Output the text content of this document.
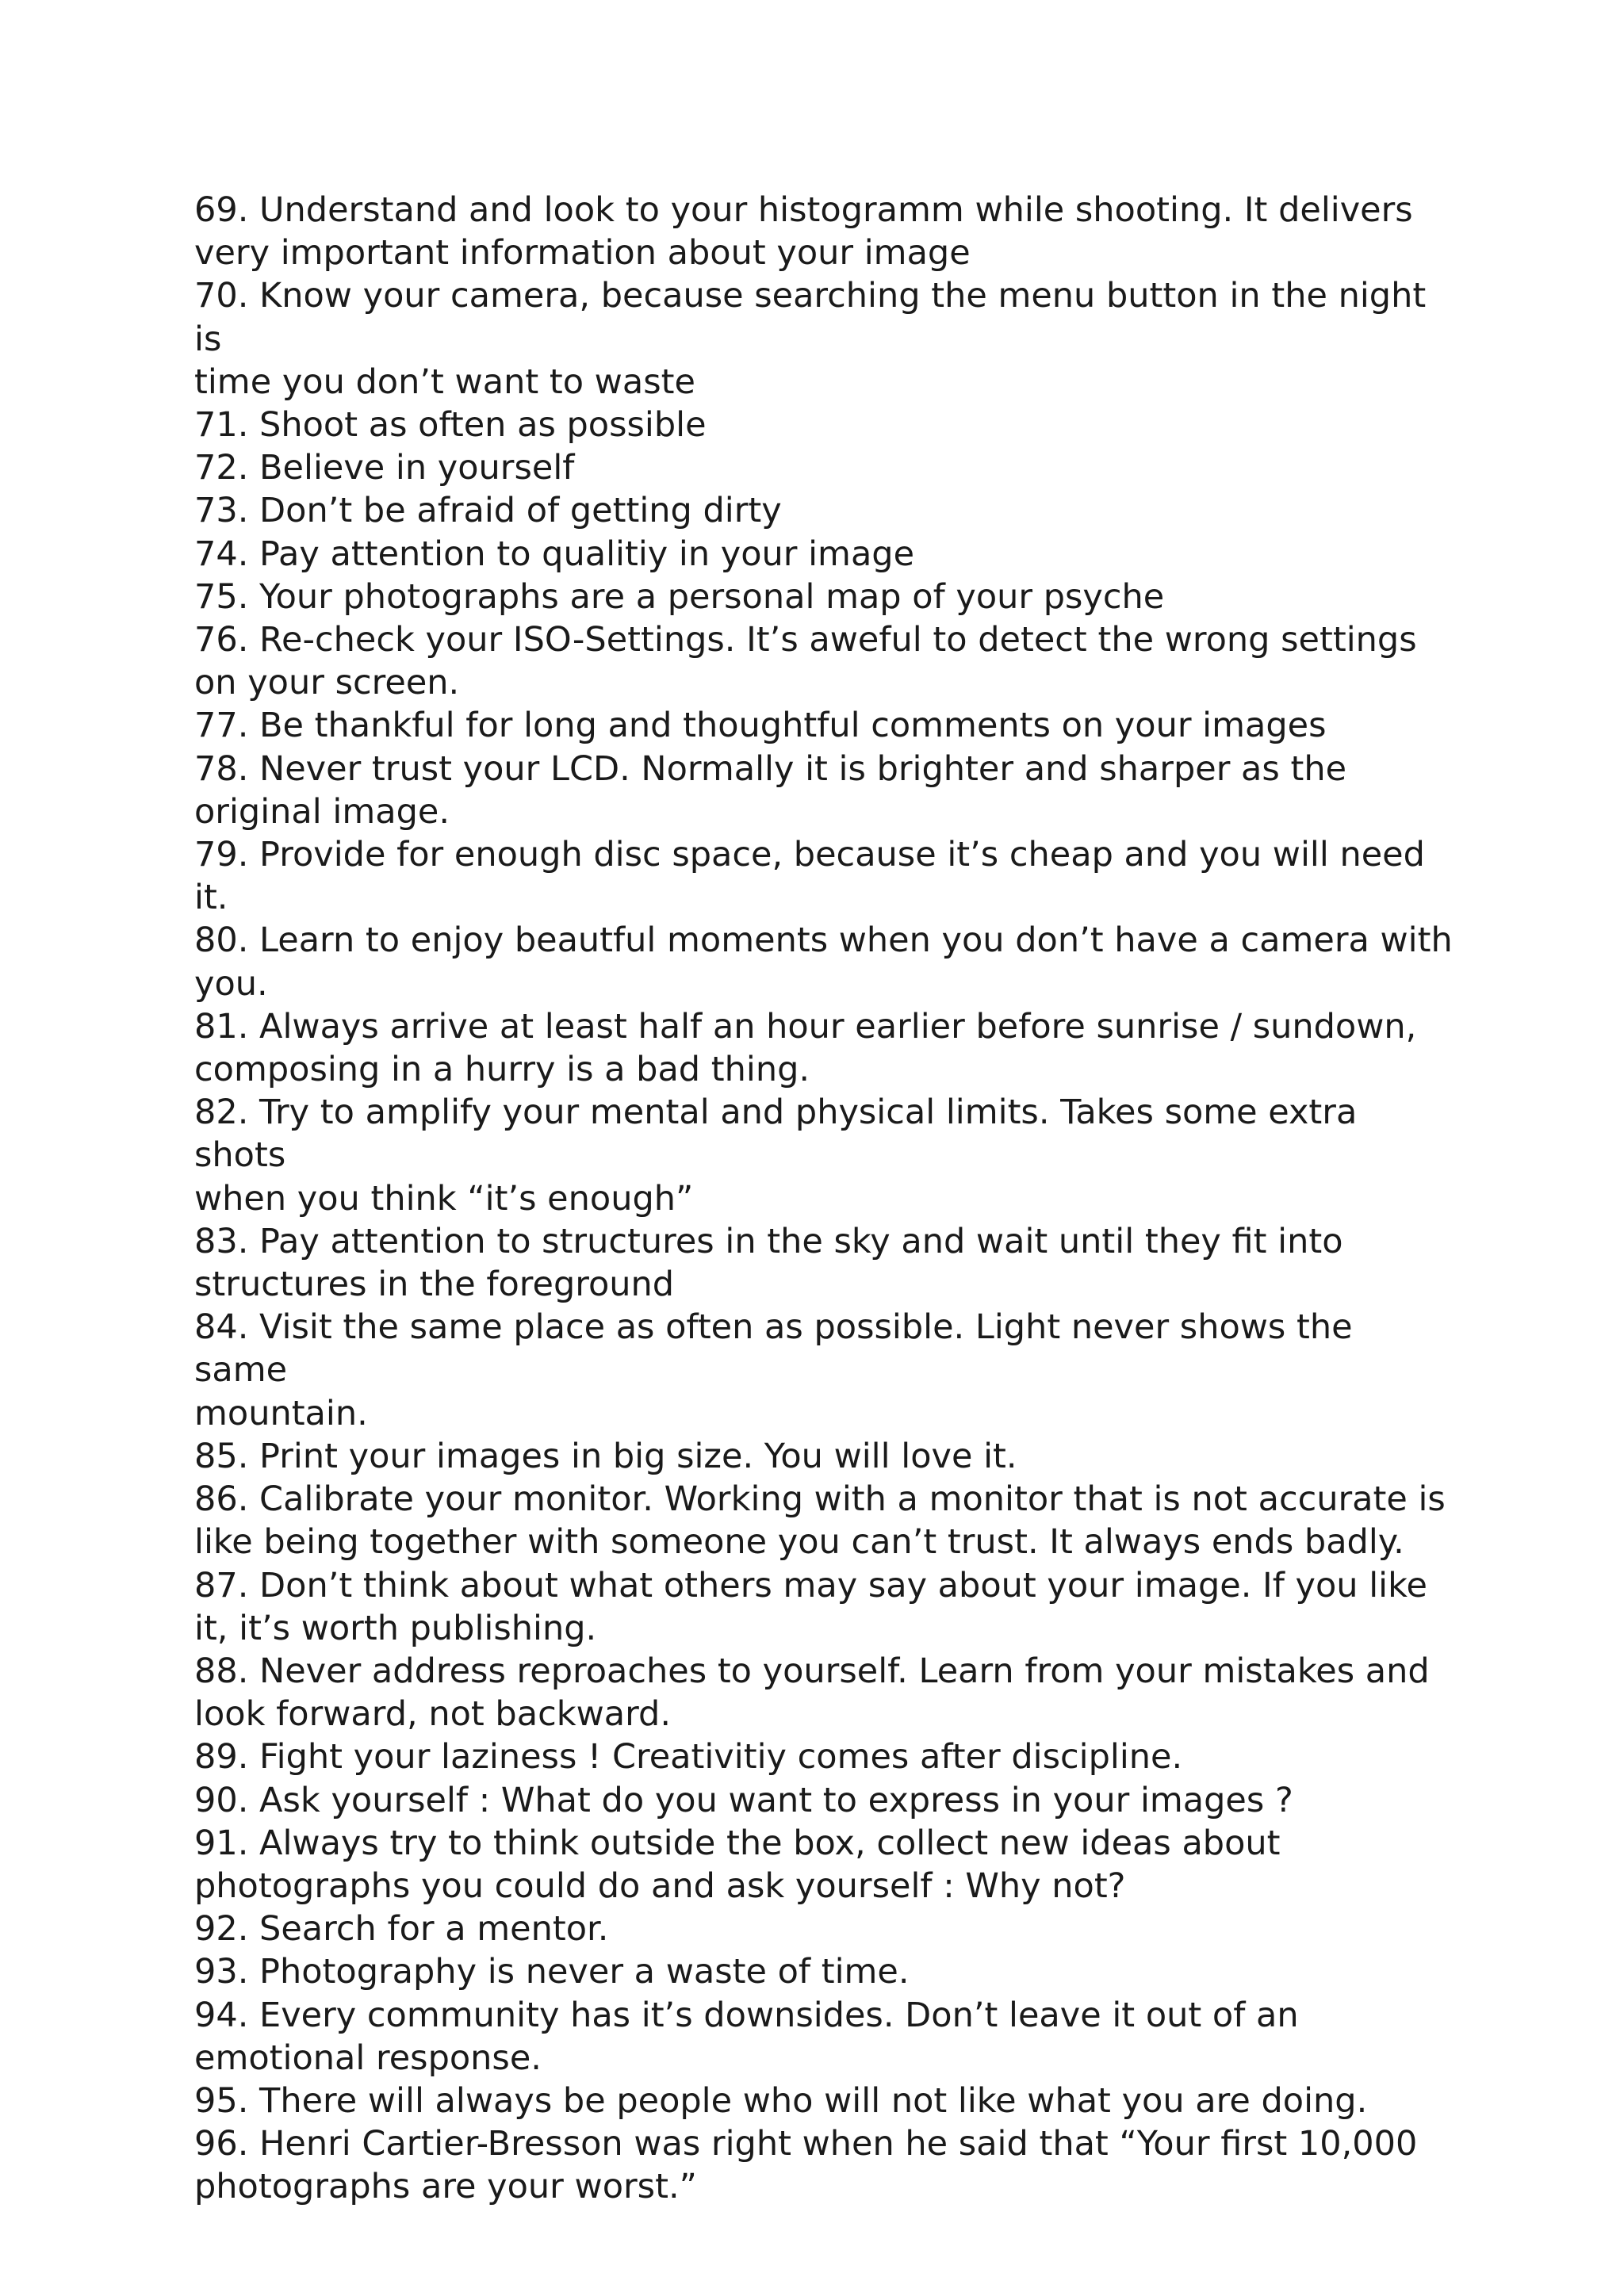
69. Understand and look to your histogramm while shooting. It delivers
very important information about your image
70. Know your camera, because searching the menu button in the night is
time you don’t want to waste
71. Shoot as often as possible
72. Believe in yourself
73. Don’t be afraid of getting dirty
74. Pay attention to qualitiy in your image
75. Your photographs are a personal map of your psyche
76. Re-check your ISO-Settings. It’s aweful to detect the wrong settings
on your screen.
77. Be thankful for long and thoughtful comments on your images
78. Never trust your LCD. Normally it is brighter and sharper as the
original image.
79. Provide for enough disc space, because it’s cheap and you will need
it.
80. Learn to enjoy beautful moments when you don’t have a camera with
you.
81. Always arrive at least half an hour earlier before sunrise / sundown,
composing in a hurry is a bad thing.
82. Try to amplify your mental and physical limits. Takes some extra shots
when you think “it’s enough”
83. Pay attention to structures in the sky and wait until they fit into
structures in the foreground
84. Visit the same place as often as possible. Light never shows the same
mountain.
85. Print your images in big size. You will love it.
86. Calibrate your monitor. Working with a monitor that is not accurate is
like being together with someone you can’t trust. It always ends badly.
87. Don’t think about what others may say about your image. If you like
it, it’s worth publishing.
88. Never address reproaches to yourself. Learn from your mistakes and
look forward, not backward.
89. Fight your laziness ! Creativitiy comes after discipline.
90. Ask yourself : What do you want to express in your images ?
91. Always try to think outside the box, collect new ideas about
photographs you could do and ask yourself : Why not?
92. Search for a mentor.
93. Photography is never a waste of time.
94. Every community has it’s downsides. Don’t leave it out of an
emotional response.
95. There will always be people who will not like what you are doing.
96. Henri Cartier-Bresson was right when he said that “Your first 10,000
photographs are your worst.”
